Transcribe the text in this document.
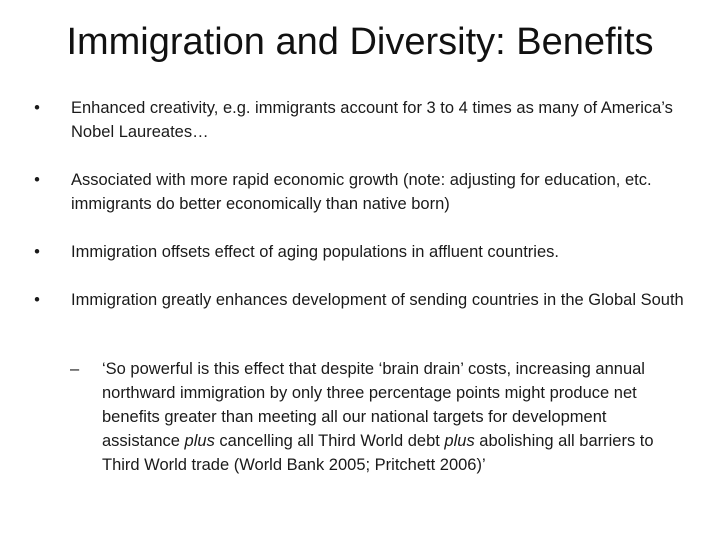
Immigration and Diversity: Benefits
• Enhanced creativity, e.g. immigrants account for 3 to 4 times as many of America’s Nobel Laureates…
• Associated with more rapid economic growth (note: adjusting for education, etc. immigrants do better economically than native born)
• Immigration offsets effect of aging populations in affluent countries.
• Immigration greatly enhances development of sending countries in the Global South
– ‘So powerful is this effect that despite ‘brain drain’ costs, increasing annual northward immigration by only three percentage points might produce net benefits greater than meeting all our national targets for development assistance plus cancelling all Third World debt plus abolishing all barriers to Third World trade (World Bank 2005; Pritchett 2006)’
